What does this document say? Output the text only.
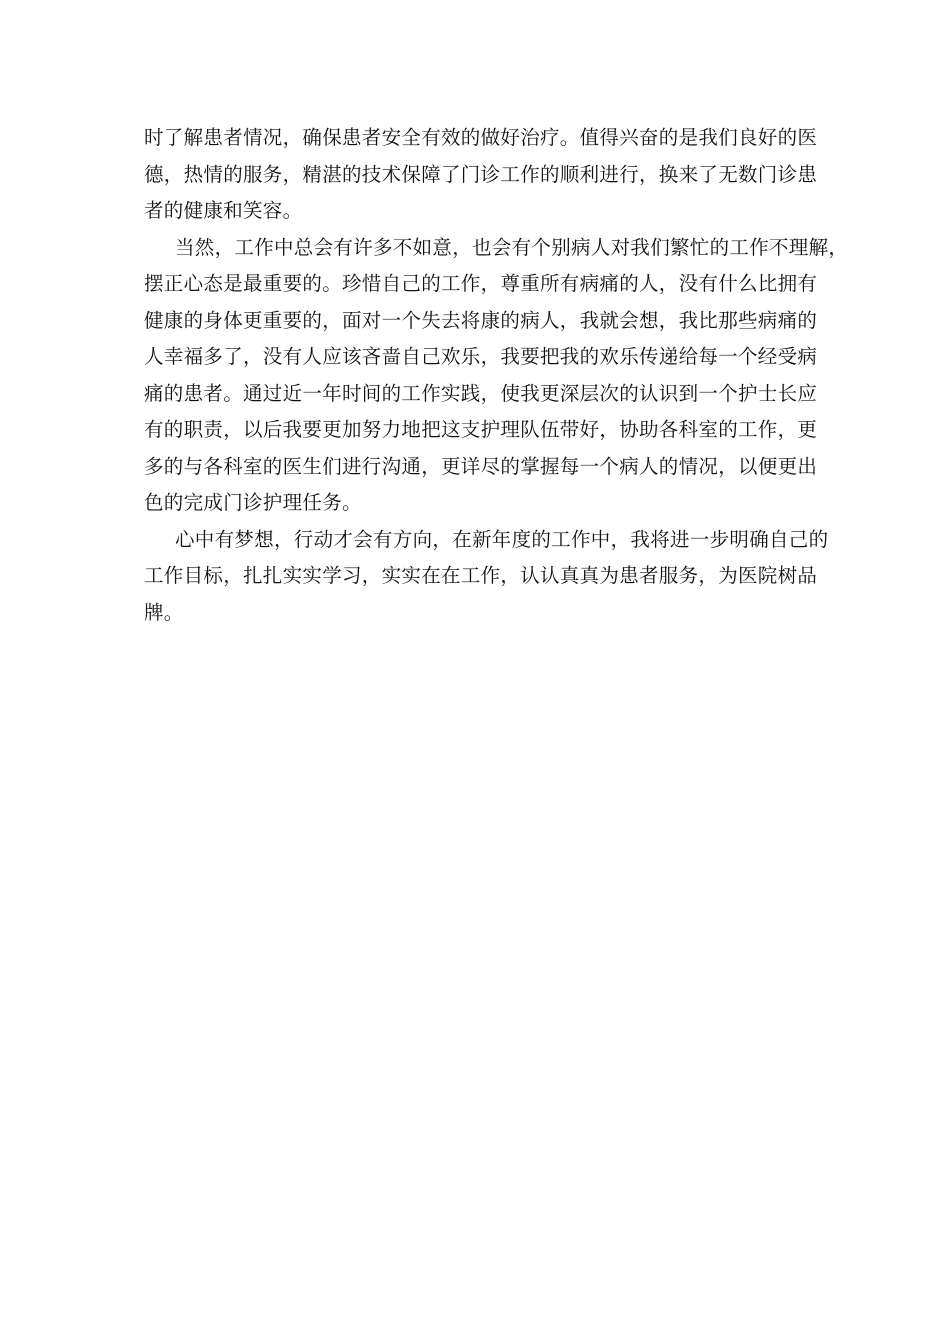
时了解患者情况，确保患者安全有效的做好治疗。值得兴奋的是我们良好的医
德，热情的服务，精湛的技术保障了门诊工作的顺利进行，换来了无数门诊患
者的健康和笑容。
当然，工作中总会有许多不如意，也会有个别病人对我们繁忙的工作不理解，
摆正心态是最重要的。珍惜自己的工作，尊重所有病痛的人，没有什么比拥有
健康的身体更重要的，面对一个失去将康的病人，我就会想，我比那些病痛的
人幸福多了，没有人应该吝啬自己欢乐，我要把我的欢乐传递给每一个经受病
痛的患者。通过近一年时间的工作实践，使我更深层次的认识到一个护士长应
有的职责，以后我要更加努力地把这支护理队伍带好，协助各科室的工作，更
多的与各科室的医生们进行沟通，更详尽的掌握每一个病人的情况，以便更出
色的完成门诊护理任务。
心中有梦想，行动才会有方向，在新年度的工作中，我将进一步明确自己的
工作目标，扎扎实实学习，实实在在工作，认认真真为患者服务，为医院树品
牌。
